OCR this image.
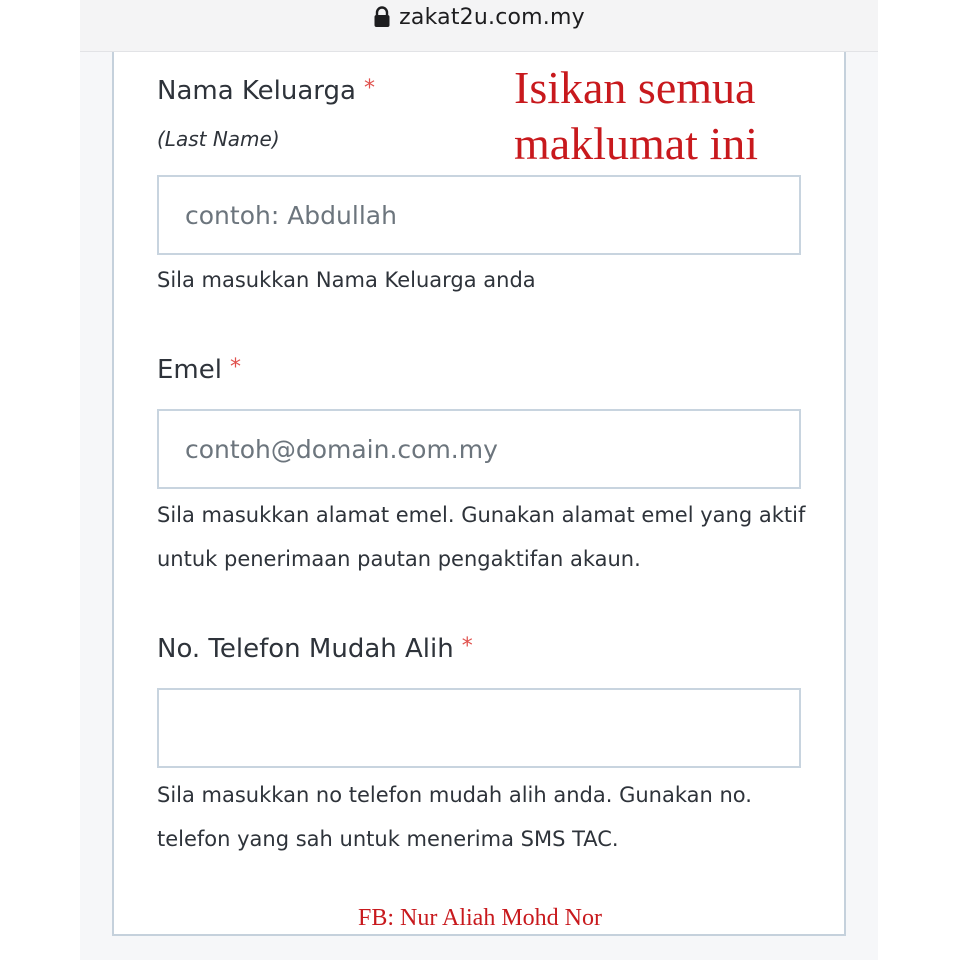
zakat2u.com.my
Nama Keluarga *
(Last Name)
contoh: Abdullah
Sila masukkan Nama Keluarga anda
Emel *
contoh@domain.com.my
Sila masukkan alamat emel. Gunakan alamat emel yang aktif untuk penerimaan pautan pengaktifan akaun.
No. Telefon Mudah Alih *
Sila masukkan no telefon mudah alih anda. Gunakan no. telefon yang sah untuk menerima SMS TAC.
Isikan semua maklumat ini
FB: Nur Aliah Mohd Nor
